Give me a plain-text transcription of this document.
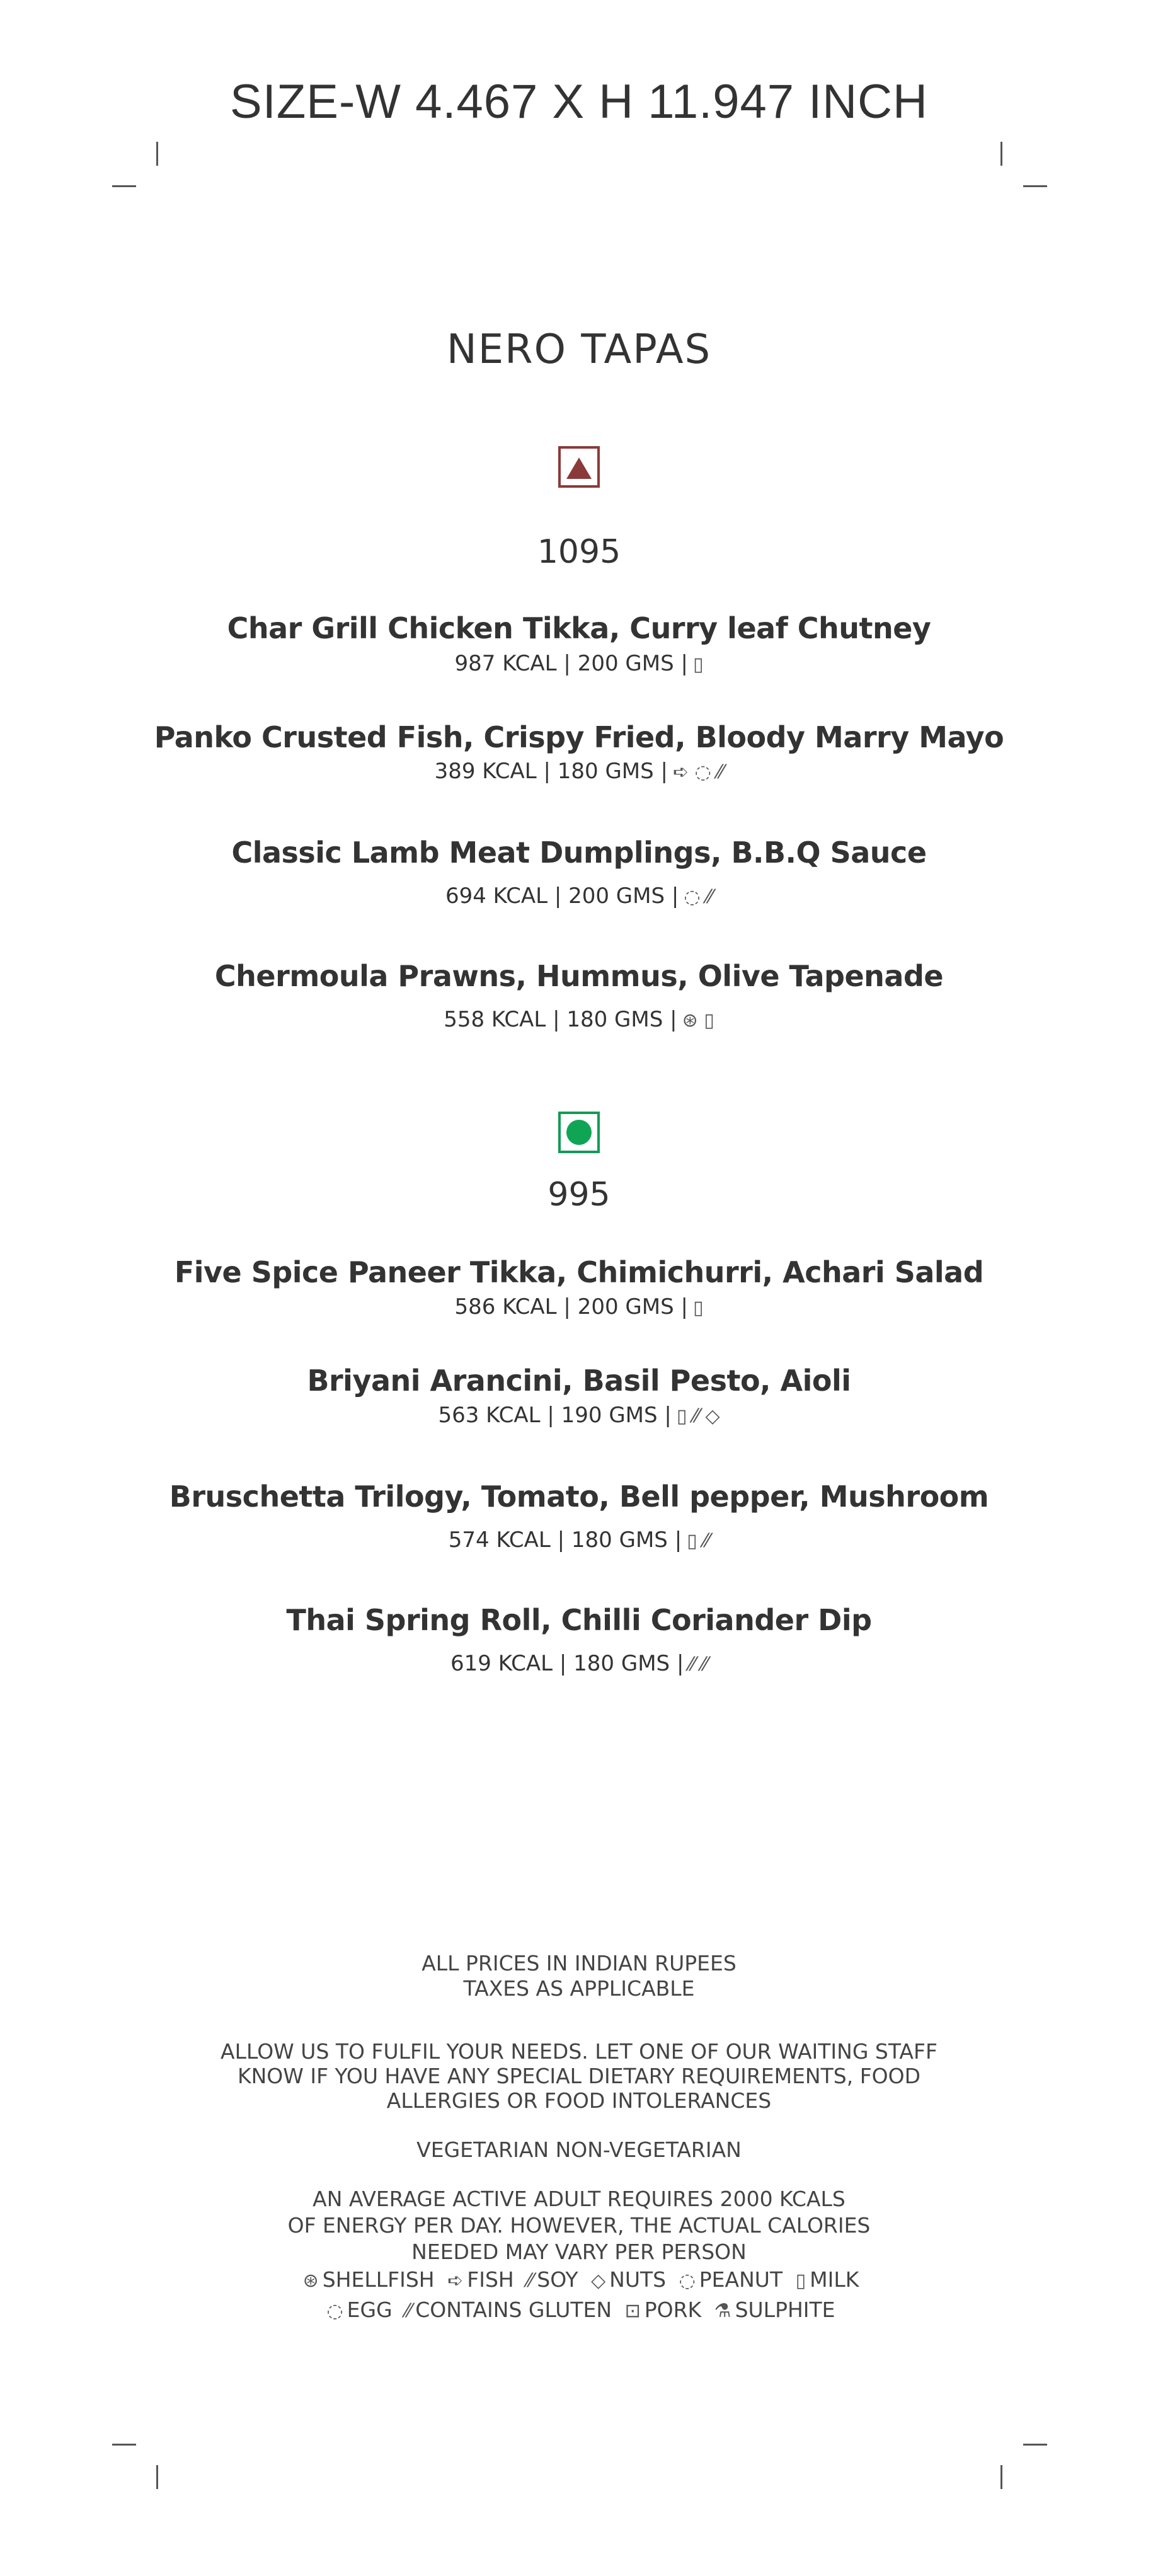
SIZE-W 4.467 X H 11.947 INCH
NERO TAPAS
1095
Char Grill Chicken Tikka, Curry leaf Chutney
987 KCAL | 200 GMS | ▯
Panko Crusted Fish, Crispy Fried, Bloody Marry Mayo
389 KCAL | 180 GMS | ➪ ◌ ⁄⁄
Classic Lamb Meat Dumplings, B.B.Q Sauce
694 KCAL | 200 GMS | ◌ ⁄⁄
Chermoula Prawns, Hummus, Olive Tapenade
558 KCAL | 180 GMS | ⊛ ▯
995
Five Spice Paneer Tikka, Chimichurri, Achari Salad
586 KCAL | 200 GMS | ▯
Briyani Arancini, Basil Pesto, Aioli
563 KCAL | 190 GMS | ▯ ⁄⁄ ◇
Bruschetta Trilogy, Tomato, Bell pepper, Mushroom
574 KCAL | 180 GMS | ▯ ⁄⁄
Thai Spring Roll, Chilli Coriander Dip
619 KCAL | 180 GMS | ⁄⁄ ⁄⁄
ALL PRICES IN INDIAN RUPEES
TAXES AS APPLICABLE
ALLOW US TO FULFIL YOUR NEEDS. LET ONE OF OUR WAITING STAFF
KNOW IF YOU HAVE ANY SPECIAL DIETARY REQUIREMENTS, FOOD
ALLERGIES OR FOOD INTOLERANCES
VEGETARIAN NON-VEGETARIAN
AN AVERAGE ACTIVE ADULT REQUIRES 2000 KCALS
OF ENERGY PER DAY. HOWEVER, THE ACTUAL CALORIES
NEEDED MAY VARY PER PERSON
⊛ SHELLFISH ➪ FISH ⁄⁄ SOY ◇ NUTS ◌ PEANUT ▯ MILK
◌ EGG ⁄⁄ CONTAINS GLUTEN ⊡ PORK ⚗ SULPHITE
